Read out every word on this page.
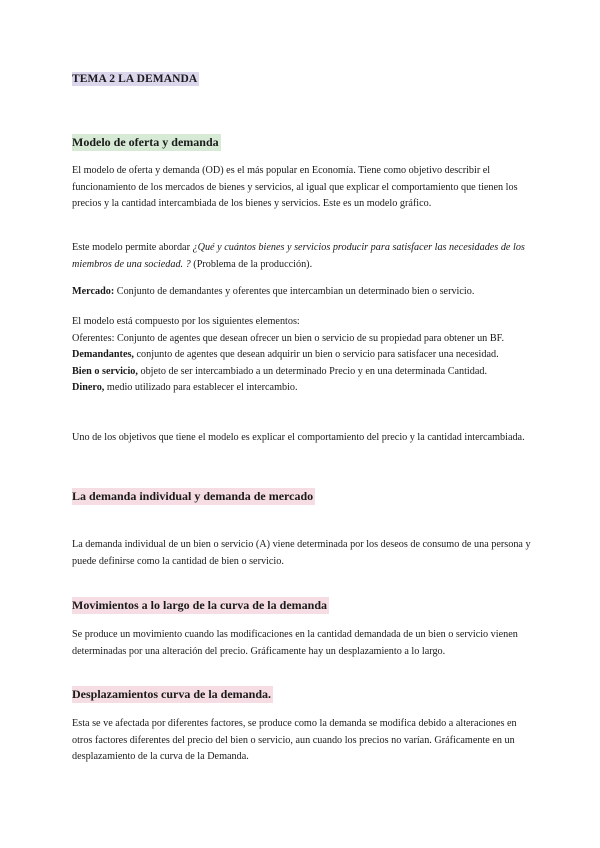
TEMA 2 LA DEMANDA
Modelo de oferta y demanda
El modelo de oferta y demanda (OD) es el más popular en Economía. Tiene como objetivo describir el funcionamiento de los mercados de bienes y servicios, al igual que explicar el comportamiento que tienen los precios y la cantidad intercambiada de los bienes y servicios. Este es un modelo gráfico.
Este modelo permite abordar ¿Qué y cuántos bienes y servicios producir para satisfacer las necesidades de los miembros de una sociedad. ? (Problema de la producción).
Mercado: Conjunto de demandantes y oferentes que intercambian un determinado bien o servicio.
El modelo está compuesto por los siguientes elementos:
Oferentes: Conjunto de agentes que desean ofrecer un bien o servicio de su propiedad para obtener un BF.
Demandantes, conjunto de agentes que desean adquirir un bien o servicio para satisfacer una necesidad.
Bien o servicio, objeto de ser intercambiado a un determinado Precio y en una determinada Cantidad.
Dinero, medio utilizado para establecer el intercambio.
Uno de los objetivos que tiene el modelo es explicar el comportamiento del precio y la cantidad intercambiada.
La demanda individual y demanda de mercado
La demanda individual de un bien o servicio (A) viene determinada por los deseos de consumo de una persona y puede definirse como la cantidad de bien o servicio.
Movimientos a lo largo de la curva de la demanda
Se produce un movimiento cuando las modificaciones en la cantidad demandada de un bien o servicio vienen determinadas por una alteración del precio. Gráficamente hay un desplazamiento a lo largo.
Desplazamientos curva de la demanda.
Esta se ve afectada por diferentes factores, se produce como la demanda se modifica debido a alteraciones en otros factores diferentes del precio del bien o servicio, aun cuando los precios no varían. Gráficamente en un desplazamiento de la curva de la Demanda.
